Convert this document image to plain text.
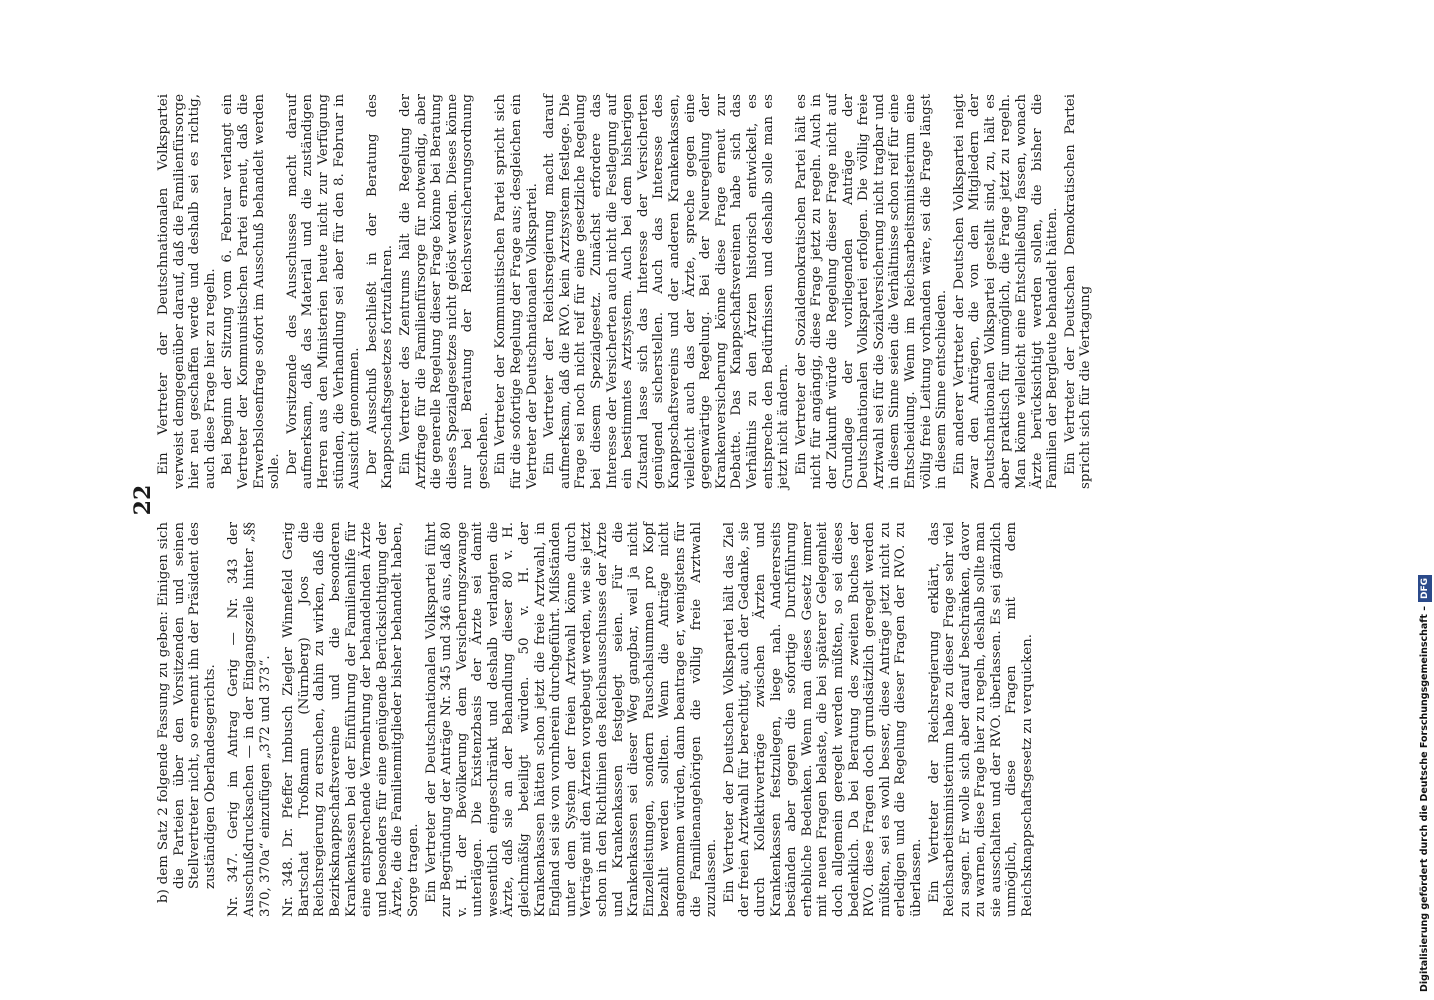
22

b) dem Satz 2 folgende Fassung zu geben: Einigen sich die Parteien über den Vorsitzenden und seinen Stellvertreter nicht, so ernennt ihn der Präsident des zuständigen Oberlandesgerichts. Nr. 347. Gerig im Antrag Gerig — Nr. 343 der Ausschußdrucksachen — in der Eingangszeile hinter „§§ 370, 370a“ einzufügen „372 und 373“. Nr. 348. Dr. Pfeffer Imbusch Ziegler Winnefeld Gerig Bartschat Troßmann (Nürnberg) Joos die Reichsregierung zu ersuchen, dahin zu wirken, daß die Bezirksknappschaftsvereine und die besonderen Krankenkassen bei der Einführung der Familienhilfe für eine entsprechende Vermehrung der behandelnden Ärzte und besonders für eine genügende Berücksichtigung der Ärzte, die die Familienmitglieder bisher behandelt haben, Sorge tragen. Ein Vertreter der Deutschnationalen Volkspartei führt zur Begründung der Anträge Nr. 345 und 346 aus, daß 80 v. H. der Bevölkerung dem Versicherungszwange unterlägen. Die Existenzbasis der Ärzte sei damit wesentlich eingeschränkt und deshalb verlangten die Ärzte, daß sie an der Behandlung dieser 80 v. H. gleichmäßig beteiligt würden. 50 v. H. der Krankenkassen hätten schon jetzt die freie Arztwahl, in England sei sie von vornherein durchgeführt. Mißständen unter dem System der freien Arztwahl könne durch Verträge mit den Ärzten vorgebeugt werden, wie sie jetzt schon in den Richtlinien des Reichsausschusses der Ärzte und Krankenkassen festgelegt seien. Für die Krankenkassen sei dieser Weg gangbar, weil ja nicht Einzelleistungen, sondern Pauschalsummen pro Kopf bezahlt werden sollten. Wenn die Anträge nicht angenommen würden, dann beantrage er, wenigstens für die Familienangehörigen die völlig freie Arztwahl zuzulassen. Ein Vertreter der Deutschen Volkspartei hält das Ziel der freien Arztwahl für berechtigt, auch der Gedanke, sie durch Kollektivverträge zwischen Ärzten und Krankenkassen festzulegen, liege nah. Andererseits beständen aber gegen die sofortige Durchführung erhebliche Bedenken. Wenn man dieses Gesetz immer mit neuen Fragen belaste, die bei späterer Gelegenheit doch allgemein geregelt werden müßten, so sei dieses bedenklich. Da bei Beratung des zweiten Buches der RVO. diese Fragen doch grundsätzlich geregelt werden müßten, sei es wohl besser, diese Anträge jetzt nicht zu erledigen und die Regelung dieser Fragen der RVO. zu überlassen. Ein Vertreter der Reichsregierung erklärt, das Reichsarbeitsministerium habe zu dieser Frage sehr viel zu sagen. Er wolle sich aber darauf beschränken, davor zu warnen, diese Frage hier zu regeln, deshalb sollte man sie ausschalten und der RVO. überlassen. Es sei gänzlich unmöglich, diese Fragen mit dem Reichsknappschaftsgesetz zu verquicken.

Ein Vertreter der Deutschnationalen Volkspartei verweist demgegenüber darauf, daß die Familienfürsorge hier neu geschaffen werde und deshalb sei es richtig, auch diese Frage hier zu regeln. Bei Beginn der Sitzung vom 6. Februar verlangt ein Vertreter der Kommunistischen Partei erneut, daß die Erwerbslosenfrage sofort im Ausschuß behandelt werden solle. Der Vorsitzende des Ausschusses macht darauf aufmerksam, daß das Material und die zuständigen Herren aus den Ministerien heute nicht zur Verfügung stünden, die Verhandlung sei aber für den 8. Februar in Aussicht genommen. Der Ausschuß beschließt in der Beratung des Knappschaftsgesetzes fortzufahren. Ein Vertreter des Zentrums hält die Regelung der Arztfrage für die Familienfürsorge für notwendig, aber die generelle Regelung dieser Frage könne bei Beratung dieses Spezialgesetzes nicht gelöst werden. Dieses könne nur bei Beratung der Reichsversicherungsordnung geschehen. Ein Vertreter der Kommunistischen Partei spricht sich für die sofortige Regelung der Frage aus; desgleichen ein Vertreter der Deutschnationalen Volkspartei. Ein Vertreter der Reichsregierung macht darauf aufmerksam, daß die RVO. kein Arztsystem festlege. Die Frage sei noch nicht reif für eine gesetzliche Regelung bei diesem Spezialgesetz. Zunächst erfordere das Interesse der Versicherten auch nicht die Festlegung auf ein bestimmtes Arztsystem. Auch bei dem bisherigen Zustand lasse sich das Interesse der Versicherten genügend sicherstellen. Auch das Interesse des Knappschaftsvereins und der anderen Krankenkassen, vielleicht auch das der Ärzte, spreche gegen eine gegenwärtige Regelung. Bei der Neuregelung der Krankenversicherung könne diese Frage erneut zur Debatte. Das Knappschaftsvereinen habe sich das Verhältnis zu den Ärzten historisch entwickelt, es entspreche den Bedürfnissen und deshalb solle man es jetzt nicht ändern. Ein Vertreter der Sozialdemokratischen Partei hält es nicht für angängig, diese Frage jetzt zu regeln. Auch in der Zukunft würde die Regelung dieser Frage nicht auf Grundlage der vorliegenden Anträge der Deutschnationalen Volkspartei erfolgen. Die völlig freie Arztwahl sei für die Sozialversicherung nicht tragbar und in diesem Sinne seien die Verhältnisse schon reif für eine Entscheidung. Wenn im Reichsarbeitsministerium eine völlig freie Leitung vorhanden wäre, sei die Frage längst in diesem Sinne entschieden. Ein anderer Vertreter der Deutschen Volkspartei neigt zwar den Anträgen, die von den Mitgliedern der Deutschnationalen Volkspartei gestellt sind, zu, hält es aber praktisch für unmöglich, die Frage jetzt zu regeln. Man könne vielleicht eine Entschließung fassen, wonach Ärzte berücksichtigt werden sollen, die bisher die Familien der Bergleute behandelt hätten. Ein Vertreter der Deutschen Demokratischen Partei spricht sich für die Vertagung

Digitalisierung gefördert durch die Deutsche Forschungsgemeinschaft –DFG
